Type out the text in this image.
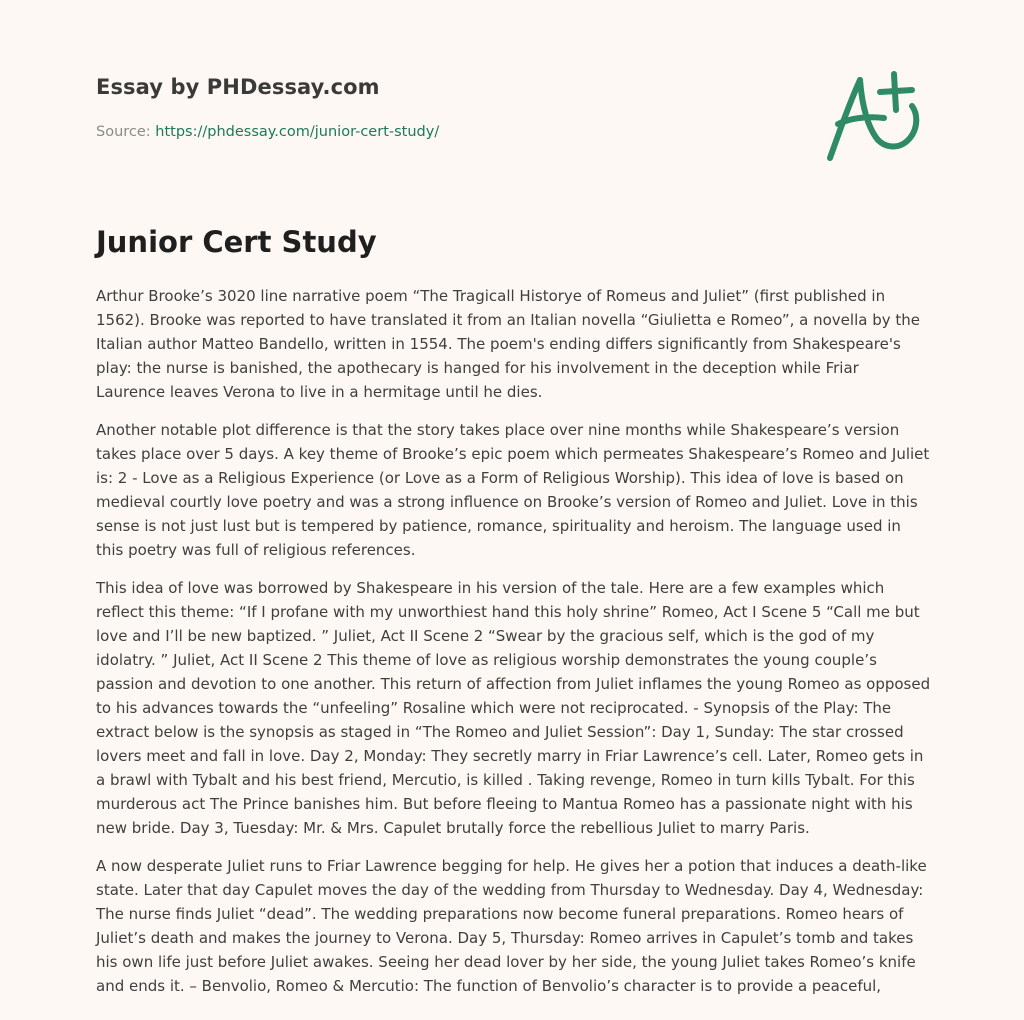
Essay by PHDessay.com
Source: https://phdessay.com/junior-cert-study/
Junior Cert Study

Arthur Brooke’s 3020 line narrative poem “The Tragicall Historye of Romeus and Juliet” (first published in 1562). Brooke was reported to have translated it from an Italian novella “Giulietta e Romeo”, a novella by the Italian author Matteo Bandello, written in 1554. The poem's ending differs significantly from Shakespeare's play: the nurse is banished, the apothecary is hanged for his involvement in the deception while Friar Laurence leaves Verona to live in a hermitage until he dies.

Another notable plot difference is that the story takes place over nine months while Shakespeare’s version takes place over 5 days. A key theme of Brooke’s epic poem which permeates Shakespeare’s Romeo and Juliet is: 2 - Love as a Religious Experience (or Love as a Form of Religious Worship). This idea of love is based on medieval courtly love poetry and was a strong influence on Brooke’s version of Romeo and Juliet. Love in this sense is not just lust but is tempered by patience, romance, spirituality and heroism. The language used in this poetry was full of religious references.

This idea of love was borrowed by Shakespeare in his version of the tale. Here are a few examples which reflect this theme: “If I profane with my unworthiest hand this holy shrine” Romeo, Act I Scene 5 “Call me but love and I’ll be new baptized. ” Juliet, Act II Scene 2 “Swear by the gracious self, which is the god of my idolatry. ” Juliet, Act II Scene 2 This theme of love as religious worship demonstrates the young couple’s passion and devotion to one another. This return of affection from Juliet inflames the young Romeo as opposed to his advances towards the “unfeeling” Rosaline which were not reciprocated. - Synopsis of the Play: The extract below is the synopsis as staged in “The Romeo and Juliet Session”: Day 1, Sunday: The star crossed lovers meet and fall in love. Day 2, Monday: They secretly marry in Friar Lawrence’s cell. Later, Romeo gets in a brawl with Tybalt and his best friend, Mercutio, is killed . Taking revenge, Romeo in turn kills Tybalt. For this murderous act The Prince banishes him. But before fleeing to Mantua Romeo has a passionate night with his new bride. Day 3, Tuesday: Mr. & Mrs. Capulet brutally force the rebellious Juliet to marry Paris.

A now desperate Juliet runs to Friar Lawrence begging for help. He gives her a potion that induces a death-like state. Later that day Capulet moves the day of the wedding from Thursday to Wednesday. Day 4, Wednesday: The nurse finds Juliet “dead”. The wedding preparations now become funeral preparations. Romeo hears of Juliet’s death and makes the journey to Verona. Day 5, Thursday: Romeo arrives in Capulet’s tomb and takes his own life just before Juliet awakes. Seeing her dead lover by her side, the young Juliet takes Romeo’s knife and ends it. – Benvolio, Romeo & Mercutio: The function of Benvolio’s character is to provide a peaceful,
